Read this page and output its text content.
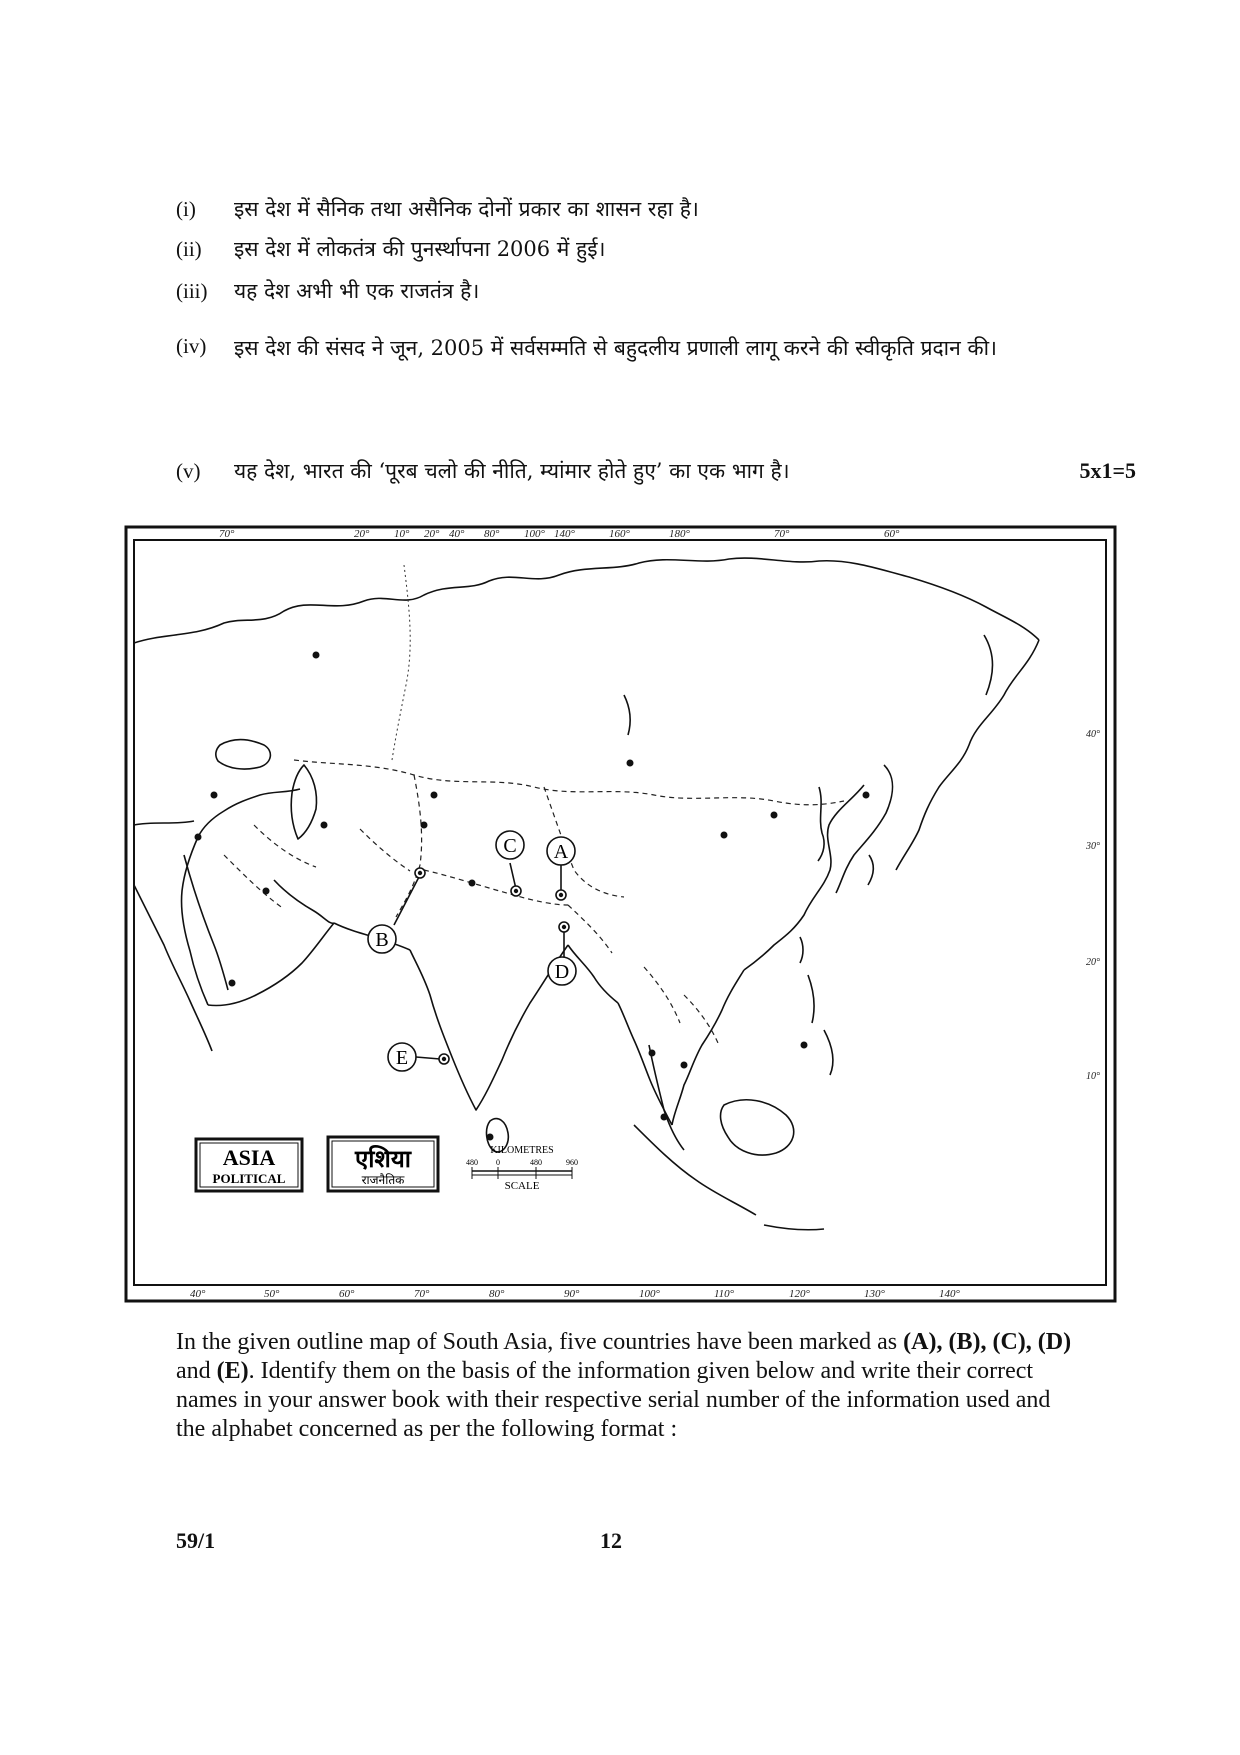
(i)	इस देश में सैनिक तथा असैनिक दोनों प्रकार का शासन रहा है।
(ii)	इस देश में लोकतंत्र की पुनर्स्थापना 2006 में हुई।
(iii)	यह देश अभी भी एक राजतंत्र है।
(iv)	इस देश की संसद ने जून, 2005 में सर्वसम्मति से बहुदलीय प्रणाली लागू करने की स्वीकृति प्रदान की।
(v)	यह देश, भारत की ‘पूरब चलो की नीति, म्यांमार होते हुए’ का एक भाग है।	5x1=5
70°	20° 10° 20° 40° 80° 100° 140°	160°	180°	70°	60°
40°	50°	60°	70°	80°	90°	100°	110°	120°	130°	140°
40°
30°
20°
10°
C A
B
D
E
ASIA
POLITICAL
एशिया
राजनैतिक
KILOMETRES
480 0	480	960
SCALE
In the given outline map of South Asia, five countries have been marked as (A), (B), (C), (D) and (E). Identify them on the basis of the information given below and write their correct names in your answer book with their respective serial number of the information used and the alphabet concerned as per the following format :
59/1	12
